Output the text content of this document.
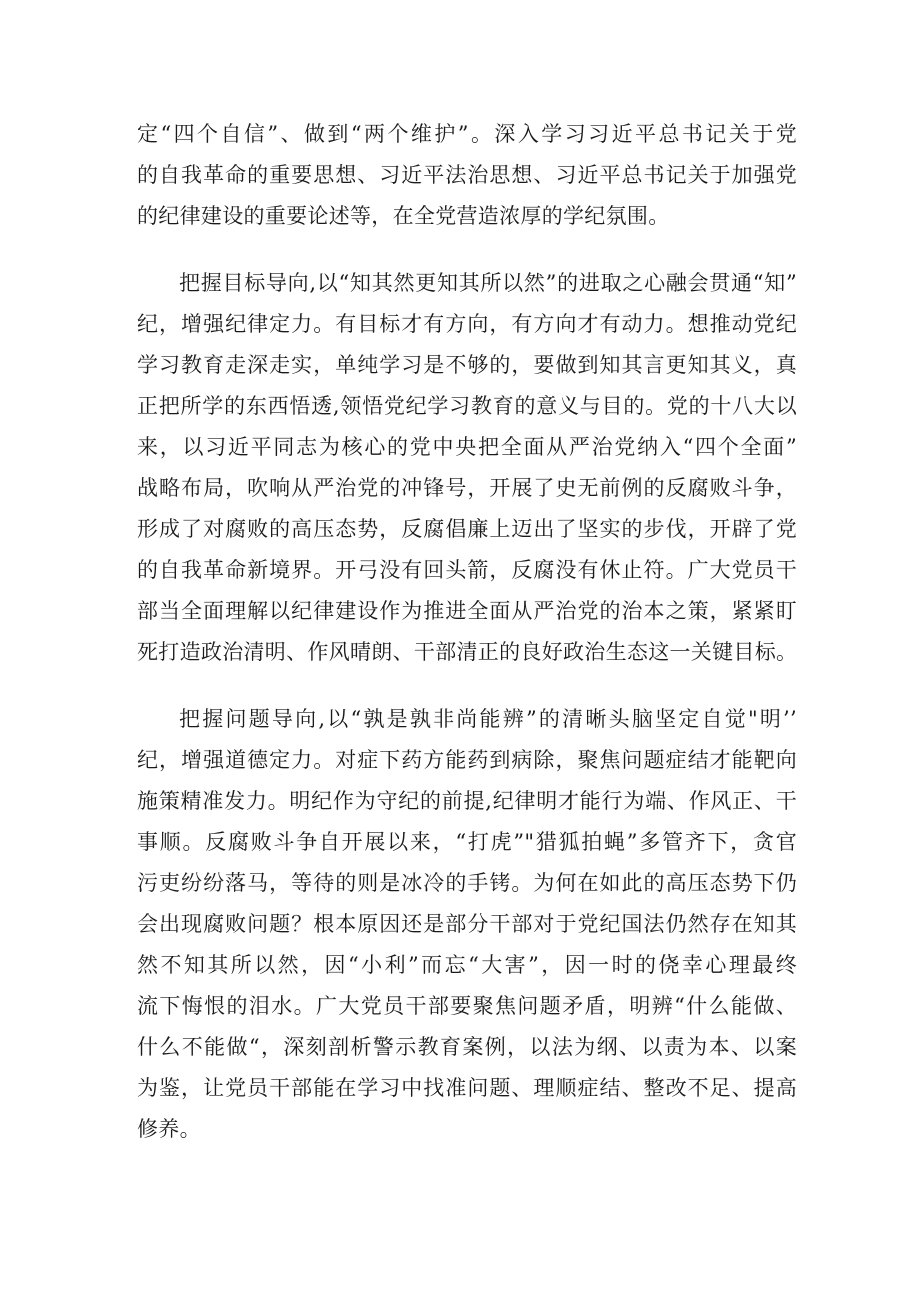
定“四个自信”、做到“两个维护”。深入学习习近平总书记关于党
的自我革命的重要思想、习近平法治思想、习近平总书记关于加强党
的纪律建设的重要论述等，在全党营造浓厚的学纪氛围。
把握目标导向,以“知其然更知其所以然”的进取之心融会贯通“知”
纪，增强纪律定力。有目标才有方向，有方向才有动力。想推动党纪
学习教育走深走实，单纯学习是不够的，要做到知其言更知其义，真
正把所学的东西悟透,领悟党纪学习教育的意义与目的。党的十八大以
来，以习近平同志为核心的党中央把全面从严治党纳入“四个全面”
战略布局，吹响从严治党的冲锋号，开展了史无前例的反腐败斗争，
形成了对腐败的高压态势，反腐倡廉上迈出了坚实的步伐，开辟了党
的自我革命新境界。开弓没有回头箭，反腐没有休止符。广大党员干
部当全面理解以纪律建设作为推进全面从严治党的治本之策，紧紧盯
死打造政治清明、作风晴朗、干部清正的良好政治生态这一关键目标。
把握问题导向,以“孰是孰非尚能辨”的清晰头脑坚定自觉"明’’
纪，增强道德定力。对症下药方能药到病除，聚焦问题症结才能靶向
施策精准发力。明纪作为守纪的前提,纪律明才能行为端、作风正、干
事顺。反腐败斗争自开展以来，“打虎”"猎狐拍蝇”多管齐下，贪官
污吏纷纷落马，等待的则是冰冷的手铐。为何在如此的高压态势下仍
会出现腐败问题？根本原因还是部分干部对于党纪国法仍然存在知其
然不知其所以然，因“小利”而忘“大害”，因一时的侥幸心理最终
流下悔恨的泪水。广大党员干部要聚焦问题矛盾，明辨“什么能做、
什么不能做“，深刻剖析警示教育案例，以法为纲、以责为本、以案
为鉴，让党员干部能在学习中找准问题、理顺症结、整改不足、提高
修养。
